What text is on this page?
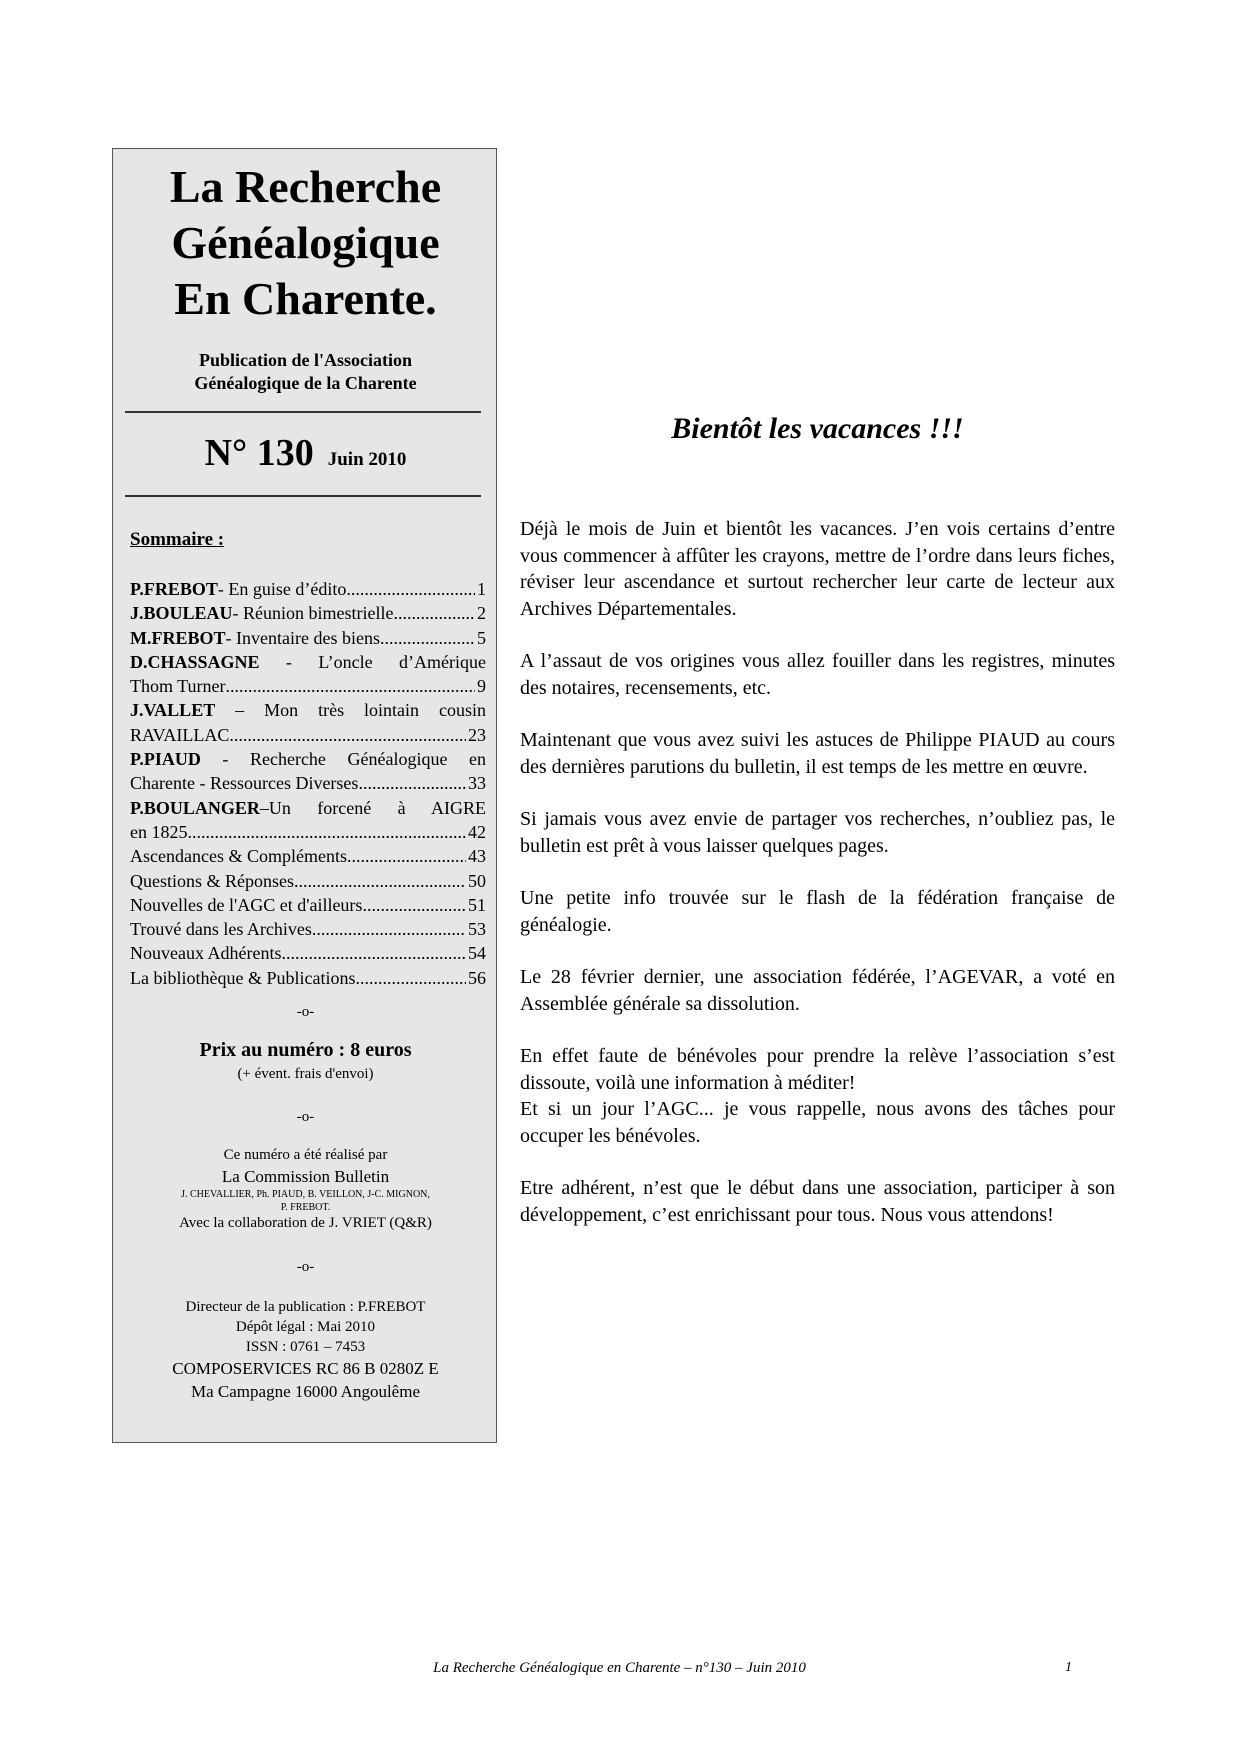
La Recherche
Généalogique
En Charente.
Publication de l'Association
Généalogique de la Charente
N° 130 Juin 2010
Sommaire :
P.FREBOT- En guise d’édito .....	1
J.BOULEAU- Réunion bimestrielle .....	2
M.FREBOT- Inventaire des biens .....	5
D.CHASSAGNE - L’oncle d’Amérique
Thom Turner .....	9
J.VALLET – Mon très lointain cousin
RAVAILLAC .....	23
P.PIAUD - Recherche Généalogique en
Charente - Ressources Diverses .....	33
P.BOULANGER–Un forcené à AIGRE
en 1825 .....	42
Ascendances & Compléments .....	43
Questions & Réponses .....	50
Nouvelles de l'AGC et d'ailleurs .....	51
Trouvé dans les Archives .....	53
Nouveaux Adhérents .....	54
La bibliothèque & Publications .....	56
-o-
Prix au numéro : 8 euros
(+ évent. frais d'envoi)
-o-
Ce numéro a été réalisé par
La Commission Bulletin
J. CHEVALLIER, Ph. PIAUD, B. VEILLON, J-C. MIGNON,
P. FREBOT.
Avec la collaboration de J. VRIET (Q&R)
-o-
Directeur de la publication : P.FREBOT
Dépôt légal : Mai 2010
ISSN : 0761 – 7453
COMPOSERVICES RC 86 B 0280Z E
Ma Campagne 16000 Angoulême
Bientôt les vacances !!!

Déjà le mois de Juin et bientôt les vacances. J’en vois certains d’entre vous commencer à affûter les crayons, mettre de l’ordre dans leurs fiches, réviser leur ascendance et surtout rechercher leur carte de lecteur aux Archives Départementales.

A l’assaut de vos origines vous allez fouiller dans les registres, minutes des notaires, recensements, etc.

Maintenant que vous avez suivi les astuces de Philippe PIAUD au cours des dernières parutions du bulletin, il est temps de les mettre en œuvre.

Si jamais vous avez envie de partager vos recherches, n’oubliez pas, le bulletin est prêt à vous laisser quelques pages.

Une petite info trouvée sur le flash de la fédération française de généalogie.

Le 28 février dernier, une association fédérée, l’AGEVAR, a voté en Assemblée générale sa dissolution.

En effet faute de bénévoles pour prendre la relève l’association s’est dissoute, voilà une information à méditer!

Et si un jour l’AGC... je vous rappelle, nous avons des tâches pour occuper les bénévoles.

Etre adhérent, n’est que le début dans une association, participer à son développement, c’est enrichissant pour tous. Nous vous attendons!

La Recherche Généalogique en Charente – n°130 – Juin 2010	1
